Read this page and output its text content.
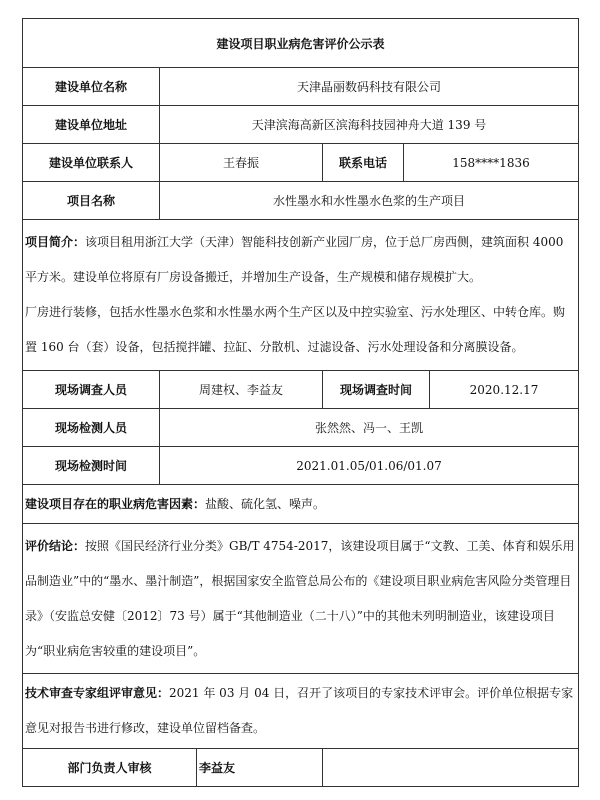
建设项目职业病危害评价公示表				
建设单位名称	天津晶丽数码科技有限公司			
建设单位地址	天津滨海高新区滨海科技园神舟大道 139 号			
建设单位联系人	王春振	联系电话	158****1836	
项目名称	水性墨水和水性墨水色浆的生产项目			
项目简介：该项目租用浙江大学（天津）智能科技创新产业园厂房，位于总厂房西侧，建筑面积 4000 平方米。建设单位将原有厂房设备搬迁，并增加生产设备，生产规模和储存规模扩大。
厂房进行装修，包括水性墨水色浆和水性墨水两个生产区以及中控实验室、污水处理区、中转仓库。购置 160 台（套）设备，包括搅拌罐、拉缸、分散机、过滤设备、污水处理设备和分离膜设备。				
现场调查人员	周建权、李益友	现场调查时间		2020.12.17
现场检测人员	张然然、冯一、王凯			
现场检测时间	2021.01.05/01.06/01.07			
建设项目存在的职业病危害因素：盐酸、硫化氢、噪声。				
评价结论：按照《国民经济行业分类》GB/T 4754-2017，该建设项目属于“文教、工美、体育和娱乐用品制造业”中的“墨水、墨汁制造”，根据国家安全监管总局公布的《建设项目职业病危害风险分类管理目录》（安监总安健〔2012〕73 号）属于“其他制造业（二十八）”中的其他未列明制造业，该建设项目为“职业病危害较重的建设项目”。				
技术审查专家组评审意见：2021 年 03 月 04 日，召开了该项目的专家技术评审会。评价单位根据专家意见对报告书进行修改，建设单位留档备查。				

部门负责人审核 李益友				
